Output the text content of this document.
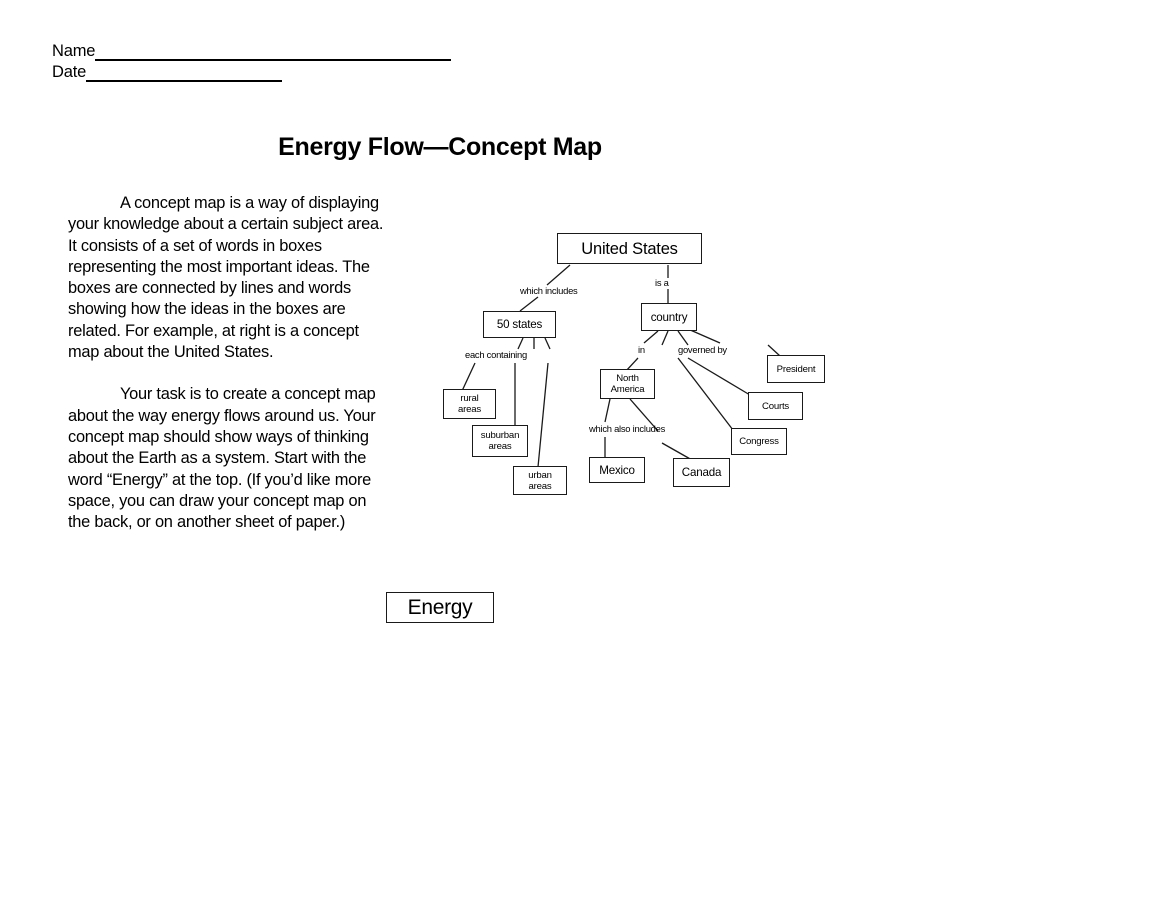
Name
Date
Energy Flow—Concept Map

A concept map is a way of displaying your knowledge about a certain subject area. It consists of a set of words in boxes representing the most important ideas. The boxes are connected by lines and words showing how the ideas in the boxes are related. For example, at right is a concept map about the United States.

Your task is to create a concept map about the way energy flows around us. Your concept map should show ways of thinking about the Earth as a system. Start with the word “Energy” at the top. (If you’d like more space, you can draw your concept map on the back, or on another sheet of paper.)

United States
which includes
is a
50 states
country
each containing	in	governed by
rural
areas
suburban
areas
urban
areas
North
America
which also includes
Mexico	Canada
President
Courts
Congress
Energy
